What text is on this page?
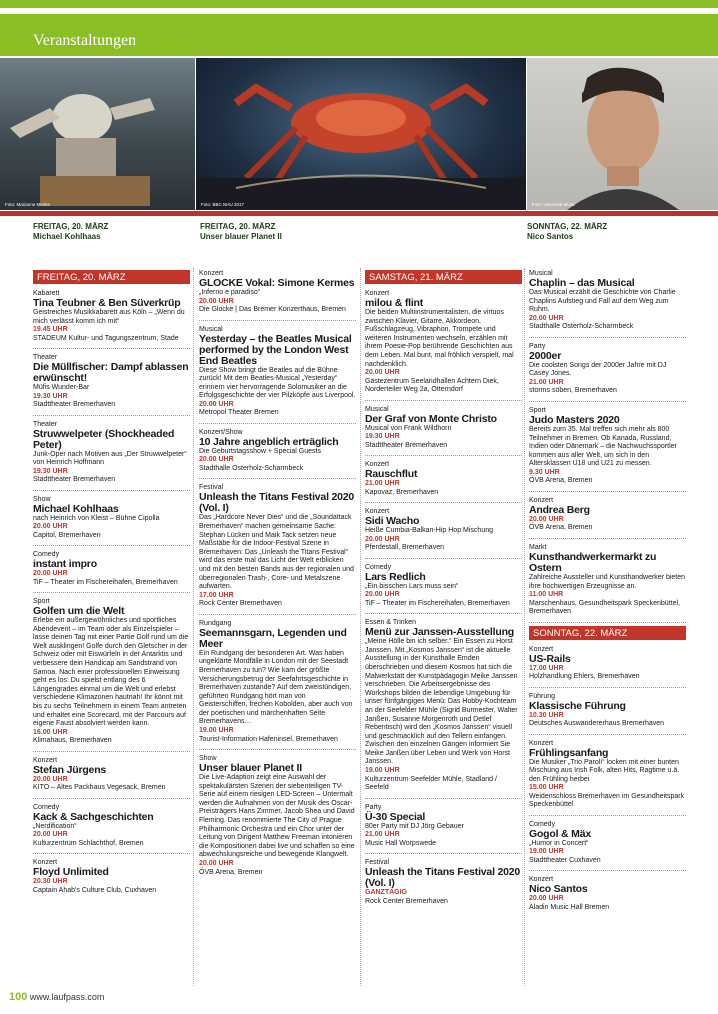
Veranstaltungen
Foto: Marianne Menke	Foto: BBC NHU 2017	Foto: Universal Music
FREITAG, 20. MÄRZ
Michael Kohlhaas
FREITAG, 20. MÄRZ
Unser blauer Planet II
SONNTAG, 22. MÄRZ
Nico Santos
FREITAG, 20. MÄRZ
Kabarett
Tina Teubner & Ben Süverkrüp
Geistreiches Musikkabarett aus Köln – „Wenn du mich verlässt komm ich mit“
19.45 UHR
STADEUM Kultur- und Tagungszentrum, Stade
Theater
Die Müllfischer: Dampf ablassen erwünscht!
Müfis Wunder-Bar
19.30 UHR
Stadttheater Bremerhaven
Theater
Struwwelpeter (Shockheaded Peter)
Junk-Oper nach Motiven aus „Der Struwwelpeter“ von Heinrich Hoffmann
19.30 UHR
Stadttheater Bremerhaven
Show
Michael Kohlhaas
nach Heinrich von Kleist – Bühne Cipolla
20.00 UHR
Capitol, Bremerhaven
Comedy
instant impro
20.00 UHR
TiF – Theater im Fischereihafen, Bremerhaven
Sport
Golfen um die Welt
Erlebe ein außergewöhnliches und sportliches Abendevent – im Team oder als Einzelspieler – lasse deinen Tag mit einer Partie Golf rund um die Welt ausklingen! Golfe durch den Gletscher in der Schweiz oder mit Eiswürfeln in der Antarktis und verbessere dein Handicap am Sandstrand von Samoa. Nach einer professionellen Einweisung geht es los: Du spielst entlang des 6 Längengrades einmal um die Welt und erlebst verschiedene Klimazonen hautnah! Ihr könnt mit bis zu sechs Teilnehmern in einem Team antreten und erhaltet eine Scorecard, mit der Parcours auf eigene Faust absolviert werden kann.
16.00 UHR
Klimahaus, Bremerhaven
Konzert
Stefan Jürgens
20.00 UHR
KITO – Altes Packhaus Vegesack, Bremen
Comedy
Kack & Sachgeschichten
„Nerdification“
20.00 UHR
Kulturzentrum Schlachthof, Bremen
Konzert
Floyd Unlimited
20.30 UHR
Captain Ahab's Culture Club, Cuxhaven
Konzert
GLOCKE Vokal: Simone Kermes
„Inferno e paradiso“
20.00 UHR
Die Glocke | Das Bremer Konzerthaus, Bremen
Musical
Yesterday – the Beatles Musical performed by the London West End Beatles
Diese Show bringt die Beatles auf die Bühne zurück! Mit dem Beatles-Musical „Yesterday“ erinnern vier hervorragende Solomusiker an die Erfolgsgeschichte der vier Pilzköpfe aus Liverpool.
20.00 UHR
Metropol Theater Bremen
Konzert/Show
10 Jahre angeblich erträglich
Die Geburtstagsshow + Special Guests
20.00 UHR
Stadthalle Osterholz-Scharmbeck
Festival
Unleash the Titans Festival 2020 (Vol. I)
Das „Hardcore Never Dies“ und die „Soundattack Bremerhaven“ machen gemeinsame Sache: Stephan Lücken und Maik Tack setzen neue Maßstäbe für die Indoor-Festival Szene in Bremerhaven: Das „Unleash the Titans Festival“ wird das erste mal das Licht der Welt erblicken und mit den besten Bands aus der regionalen und überregionalen Trash-, Core- und Metalszene aufwarten.
17.00 UHR
Rock Center Bremerhaven
Rundgang
Seemannsgarn, Legenden und Meer
Ein Rundgang der besonderen Art. Was haben ungeklärte Mordfälle in London mit der Seestadt Bremerhaven zu tun? Wie kam der größte Versicherungsbetrug der Seefahrtsgeschichte in Bremerhaven zustande? Auf dem zweistündigen, geführten Rundgang hört man von Geisterschiffen, frechen Kobolden, aber auch von der poetischen und märchenhaften Seite Bremerhavens…
19.00 UHR
Tourist-Information Hafeninsel, Bremerhaven
Show
Unser blauer Planet II
Die Live-Adaption zeigt eine Auswahl der spektakulärsten Szenen der siebenteiligen TV-Serie auf einem riesigen LED-Screen – Untermalt werden die Aufnahmen von der Musik des Oscar-Preisträgers Hans Zimmer, Jacob Shea und David Fleming. Das renommierte The City of Prague Philharmonic Orchestra und ein Chor unter der Leitung von Dirigent Matthew Freeman intonieren die Kompositionen dabei live und schaffen so eine abwechslungsreiche und bewegende Klangwelt.
20.00 UHR
ÖVB Arena, Bremen
SAMSTAG, 21. MÄRZ
Konzert
milou & flint
Die beiden Multiinstrumentalisten, die virtuos zwischen Klavier, Gitarre, Akkordeon, Fußschlagzeug, Vibraphon, Trompete und weiteren Instrumenten wechseln, erzählen mit ihrem Poesie-Pop berührende Geschichten aus dem Leben. Mal bunt, mal fröhlich verspielt, mal nachdenklich.
20.00 UHR
Gästezentrum Seelandhallen Achtern Diek, Norderteiler Weg 2a, Otterndorf
Musical
Der Graf von Monte Christo
Musical von Frank Wildhorn
19.30 UHR
Stadttheater Bremerhaven
Konzert
Rauschflut
21.00 UHR
Kapovaz, Bremerhaven
Konzert
Sidi Wacho
Heiße Cumbia-Balkan-Hip Hop Mischung
20.00 UHR
Pferdestall, Bremerhaven
Comedy
Lars Redlich
„Ein bisschen Lars muss sein“
20.00 UHR
TiF – Theater im Fischereihafen, Bremerhaven
Essen & Trinken
Menü zur Janssen-Ausstellung
„Meine Hölle bin ich selber.“ Ein Essen zu Horst Janssen. Mit „Kosmos Janssen“ ist die aktuelle Ausstellung in der Kunsthalle Emden überschrieben und diesem Kosmos hat sich die Malwerkstatt der Kunstpädagogin Meike Janssen verschrieben. Die Arbeitsergebnisse des Workshops bilden die lebendige Umgebung für unser fünfgängiges Menü: Das Hobby-Kochteam an der Seefelder Mühle (Sigrid Burmester, Walter Janßen, Susanne Morgenroth und Detlef Rebentisch) wird den „Kosmos Janssen“ visuell und geschmacklich auf den Tellern einfangen. Zwischen den einzelnen Gängen informiert Sie Meike Janßen über Leben und Werk von Horst Janssen.
19.00 UHR
Kulturzentrum Seefelder Mühle, Stadland / Seefeld
Party
Ü-30 Special
80er Party mit DJ Jörg Gebauer
21.00 UHR
Music Hall Worpswede
Festival
Unleash the Titans Festival 2020 (Vol. I)
GANZTÄGIG
Rock Center Bremerhaven
Musical
Chaplin – das Musical
Das Musical erzählt die Geschichte von Charlie Chaplins Aufstieg und Fall auf dem Weg zum Ruhm.
20.00 UHR
Stadthalle Osterholz-Scharmbeck
Party
2000er
Die coolsten Songs der 2000er Jahre mit DJ Casey Jones.
21.00 UHR
storms söben, Bremerhaven
Sport
Judo Masters 2020
Bereits zum 35. Mal treffen sich mehr als 800 Teilnehmer in Bremen. Ob Kanada, Russland, Indien oder Dänemark – die Nachwuchssportler kommen aus aller Welt, um sich in den Altersklassen U18 und U21 zu messen.
9.30 UHR
ÖVB Arena, Bremen
Konzert
Andrea Berg
20.00 UHR
ÖVB Arena, Bremen
Markt
Kunsthandwerkermarkt zu Ostern
Zahlreiche Aussteller und Kunsthandwerker bieten ihre hochwertigen Erzeugnisse an.
11.00 UHR
Marschenhaus, Gesundheitspark Speckenbüttel, Bremerhaven
SONNTAG, 22. MÄRZ
Konzert
US-Rails
17.00 UHR
Holzhandlung Ehlers, Bremerhaven
Führung
Klassische Führung
10.30 UHR
Deutsches Auswandererhaus Bremerhaven
Konzert
Frühlingsanfang
Die Musiker „Trio Parolí“ locken mit einer bunten Mischung aus Irish Folk, alten Hits, Ragtime u.ä. den Frühling herbei
15.00 UHR
Weidenschloss Bremerhaven im Gesundheitspark Speckenbüttel
Comedy
Gogol & Mäx
„Humor in Concert“
19.00 UHR
Stadttheater Cuxhaven
Konzert
Nico Santos
20.00 UHR
Aladin Music Hall Bremen
100 www.laufpass.com
